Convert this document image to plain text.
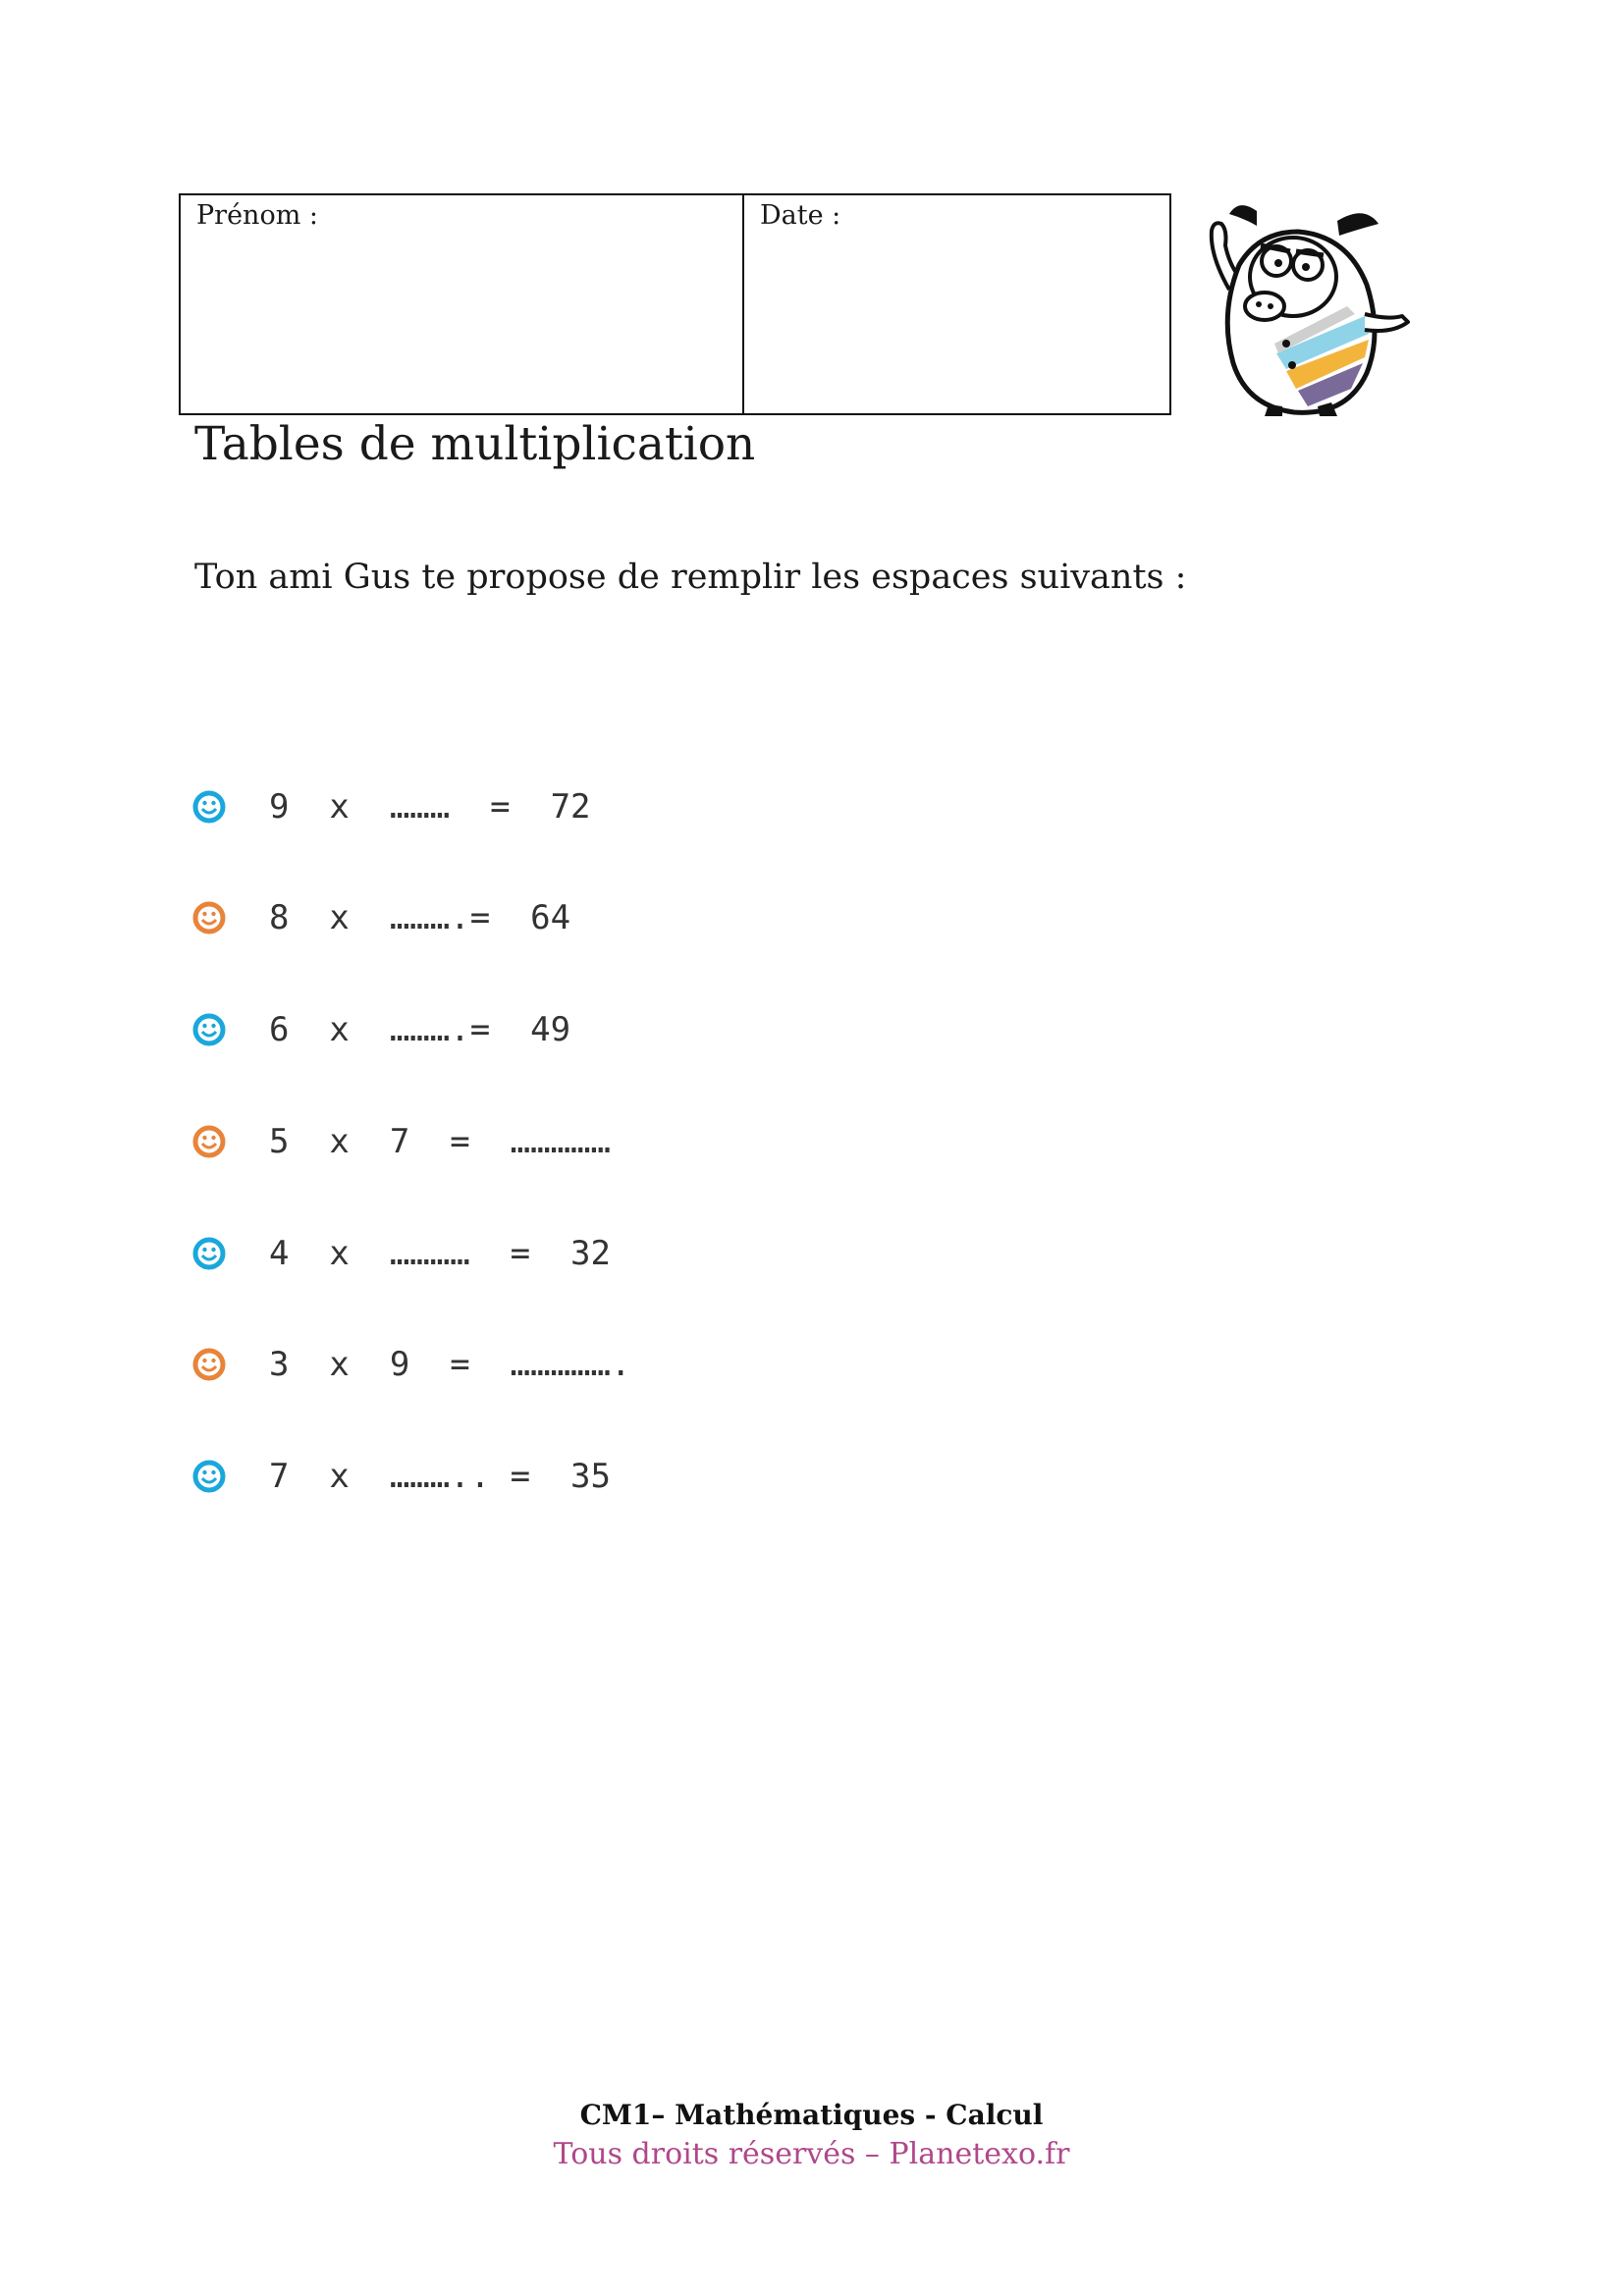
Prénom :	Date :
Tables de multiplication
Ton ami Gus te propose de remplir les espaces suivants :
9  x  ………  =  72
8  x  ……….=  64
6  x  ……….=  49
5  x  7  =  ……………
4  x  …………  =  32
3  x  9  =  …………….
7  x  ……….. =  35
CM1– Mathématiques - Calcul
Tous droits réservés – Planetexo.fr
